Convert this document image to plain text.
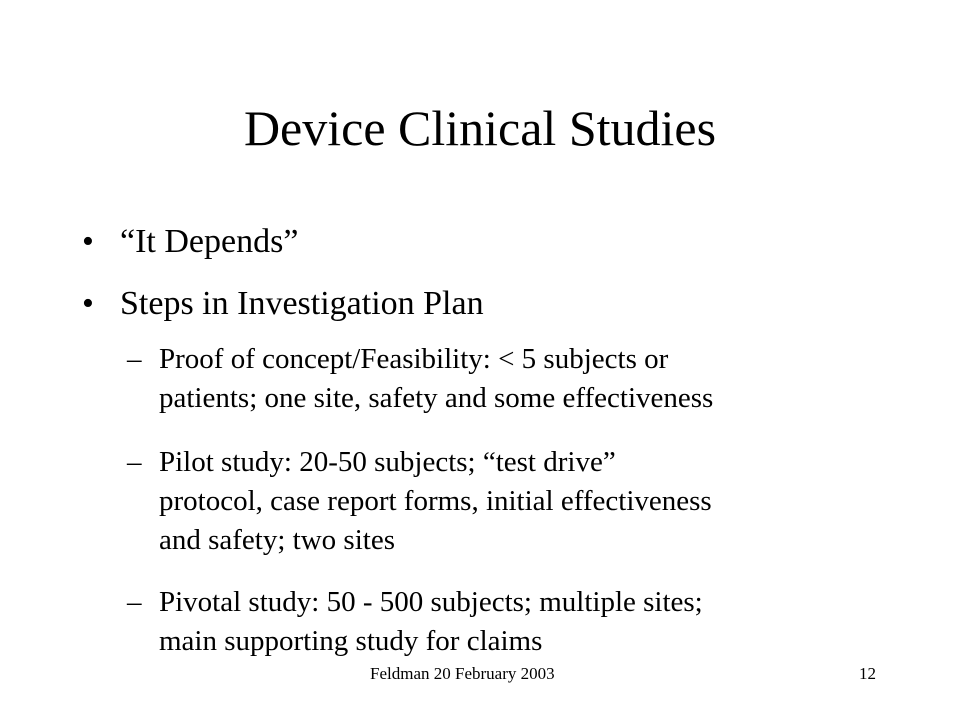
Device Clinical Studies
• “It Depends”
• Steps in Investigation Plan
– Proof of concept/Feasibility: < 5 subjects or
patients; one site, safety and some effectiveness
– Pilot study: 20-50 subjects; “test drive”
protocol, case report forms, initial effectiveness
and safety; two sites
– Pivotal study: 50 - 500 subjects; multiple sites;
main supporting study for claims
Feldman 20 February 2003	12
